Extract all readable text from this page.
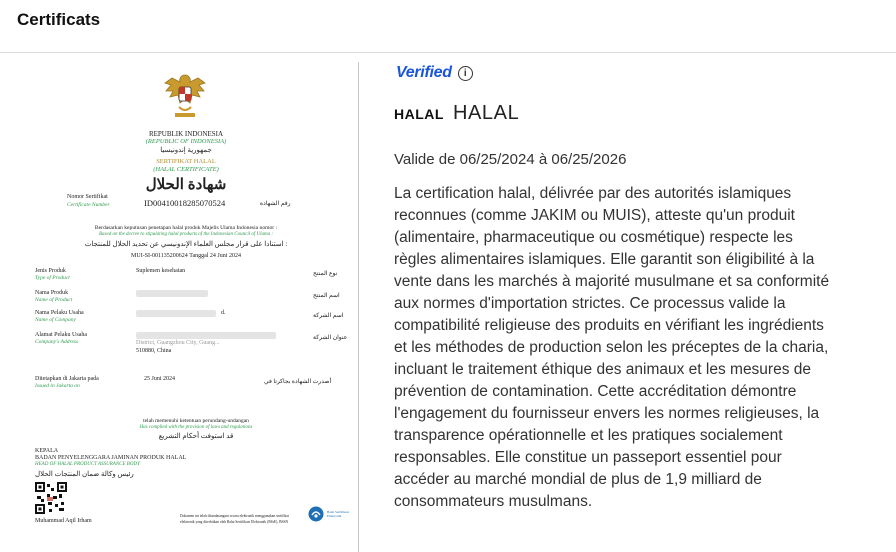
Certificats
REPUBLIK INDONESIA
(REPUBLIC OF INDONESIA)
جمهورية إندونيسيا
SERTIFIKAT HALAL
(HALAL CERTIFICATE)
شهادة الحلال
Nomor Sertifikat
Certificate Number	ID00410018285070524	رقم الشهادة
Berdasarkan keputusan penetapan halal produk Majelis Ulama Indonesia nomor :
Based on the decree to stipulating halal products of the Indonesian Council of Ulama :
استنادا على قرار مجلس العلماء الإندونيسي عن تحديد الحلال للمنتجات :
MUI-SI-001135200624 Tanggal 24 Juni 2024
Jenis Produk
Type of Product
Suplemen kesehatan	نوع المنتج
Nama Produk
Name of Product
اسم المنتج
Nama Pelaku Usaha
Name of Company
d.	اسم الشركة
Alamat Pelaku Usaha
Company's Address	District, Guangzhou City, Guang...
510880, China
عنوان الشركة
Ditetapkan di Jakarta pada
Issued in Jakarta on
25 Juni 2024	أصدرت الشهادة بجاكرتا في
telah memenuhi ketentuan perundang-undangan
Has complied with the provision of laws and regulations
قد استوفت أحكام التشريع
KEPALA
BADAN PENYELENGGARA JAMINAN PRODUK HALAL
HEAD OF HALAL PRODUCT ASSURANCE BODY
رئيس وكالة ضمان المنتجات الحلال
Muhammad Aqil Irham
Dokumen ini telah ditandatangani secara elektronik menggunakan sertifikat
elektronik yang diterbitkan oleh Balai Sertifikasi Elektronik (BSrE), BSSN
Balai Sertifikasi Elektronik
Verified	i
HALAL HALAL
Valide de 06/25/2024 à 06/25/2026
La certification halal, délivrée par des autorités islamiques reconnues (comme JAKIM ou MUIS), atteste qu'un produit (alimentaire, pharmaceutique ou cosmétique) respecte les règles alimentaires islamiques. Elle garantit son éligibilité à la vente dans les marchés à majorité musulmane et sa conformité aux normes d'importation strictes. Ce processus valide la compatibilité religieuse des produits en vérifiant les ingrédients et les méthodes de production selon les préceptes de la charia, incluant le traitement éthique des animaux et les mesures de prévention de contamination. Cette accréditation démontre l'engagement du fournisseur envers les normes religieuses, la transparence opérationnelle et les pratiques socialement responsables. Elle constitue un passeport essentiel pour accéder au marché mondial de plus de 1,9 milliard de consommateurs musulmans.
